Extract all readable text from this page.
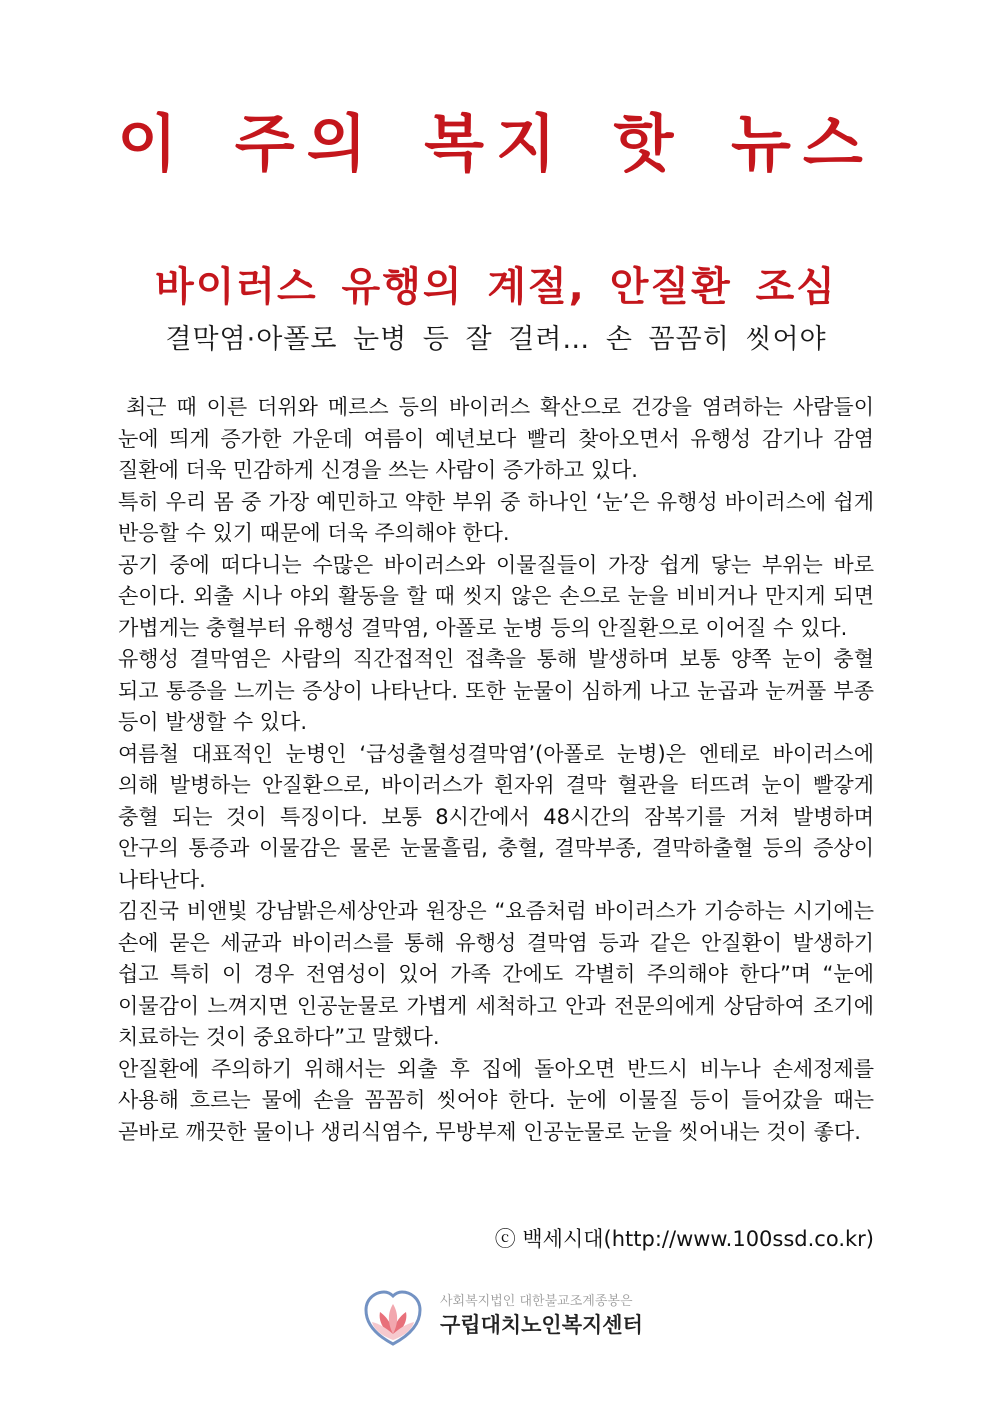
이 주의 복지 핫 뉴스
바이러스 유행의 계절, 안질환 조심
결막염·아폴로 눈병 등 잘 걸려… 손 꼼꼼히 씻어야

최근 때 이른 더위와 메르스 등의 바이러스 확산으로 건강을 염려하는 사람들이 눈에 띄게 증가한 가운데 여름이 예년보다 빨리 찾아오면서 유행성 감기나 감염 질환에 더욱 민감하게 신경을 쓰는 사람이 증가하고 있다.

특히 우리 몸 중 가장 예민하고 약한 부위 중 하나인 ‘눈’은 유행성 바이러스에 쉽게 반응할 수 있기 때문에 더욱 주의해야 한다.

공기 중에 떠다니는 수많은 바이러스와 이물질들이 가장 쉽게 닿는 부위는 바로 손이다. 외출 시나 야외 활동을 할 때 씻지 않은 손으로 눈을 비비거나 만지게 되면 가볍게는 충혈부터 유행성 결막염, 아폴로 눈병 등의 안질환으로 이어질 수 있다.

유행성 결막염은 사람의 직간접적인 접촉을 통해 발생하며 보통 양쪽 눈이 충혈 되고 통증을 느끼는 증상이 나타난다. 또한 눈물이 심하게 나고 눈곱과 눈꺼풀 부종 등이 발생할 수 있다.

여름철 대표적인 눈병인 ‘급성출혈성결막염’(아폴로 눈병)은 엔테로 바이러스에 의해 발병하는 안질환으로, 바이러스가 흰자위 결막 혈관을 터뜨려 눈이 빨갛게 충혈 되는 것이 특징이다. 보통 8시간에서 48시간의 잠복기를 거쳐 발병하며 안구의 통증과 이물감은 물론 눈물흘림, 충혈, 결막부종, 결막하출혈 등의 증상이 나타난다.

김진국 비앤빛 강남밝은세상안과 원장은 “요즘처럼 바이러스가 기승하는 시기에는 손에 묻은 세균과 바이러스를 통해 유행성 결막염 등과 같은 안질환이 발생하기 쉽고 특히 이 경우 전염성이 있어 가족 간에도 각별히 주의해야 한다”며 “눈에 이물감이 느껴지면 인공눈물로 가볍게 세척하고 안과 전문의에게 상담하여 조기에 치료하는 것이 중요하다”고 말했다.

안질환에 주의하기 위해서는 외출 후 집에 돌아오면 반드시 비누나 손세정제를 사용해 흐르는 물에 손을 꼼꼼히 씻어야 한다. 눈에 이물질 등이 들어갔을 때는 곧바로 깨끗한 물이나 생리식염수, 무방부제 인공눈물로 눈을 씻어내는 것이 좋다.

ⓒ 백세시대(http://www.100ssd.co.kr)
사회복지법인 대한불교조계종봉은
구립대치노인복지센터
